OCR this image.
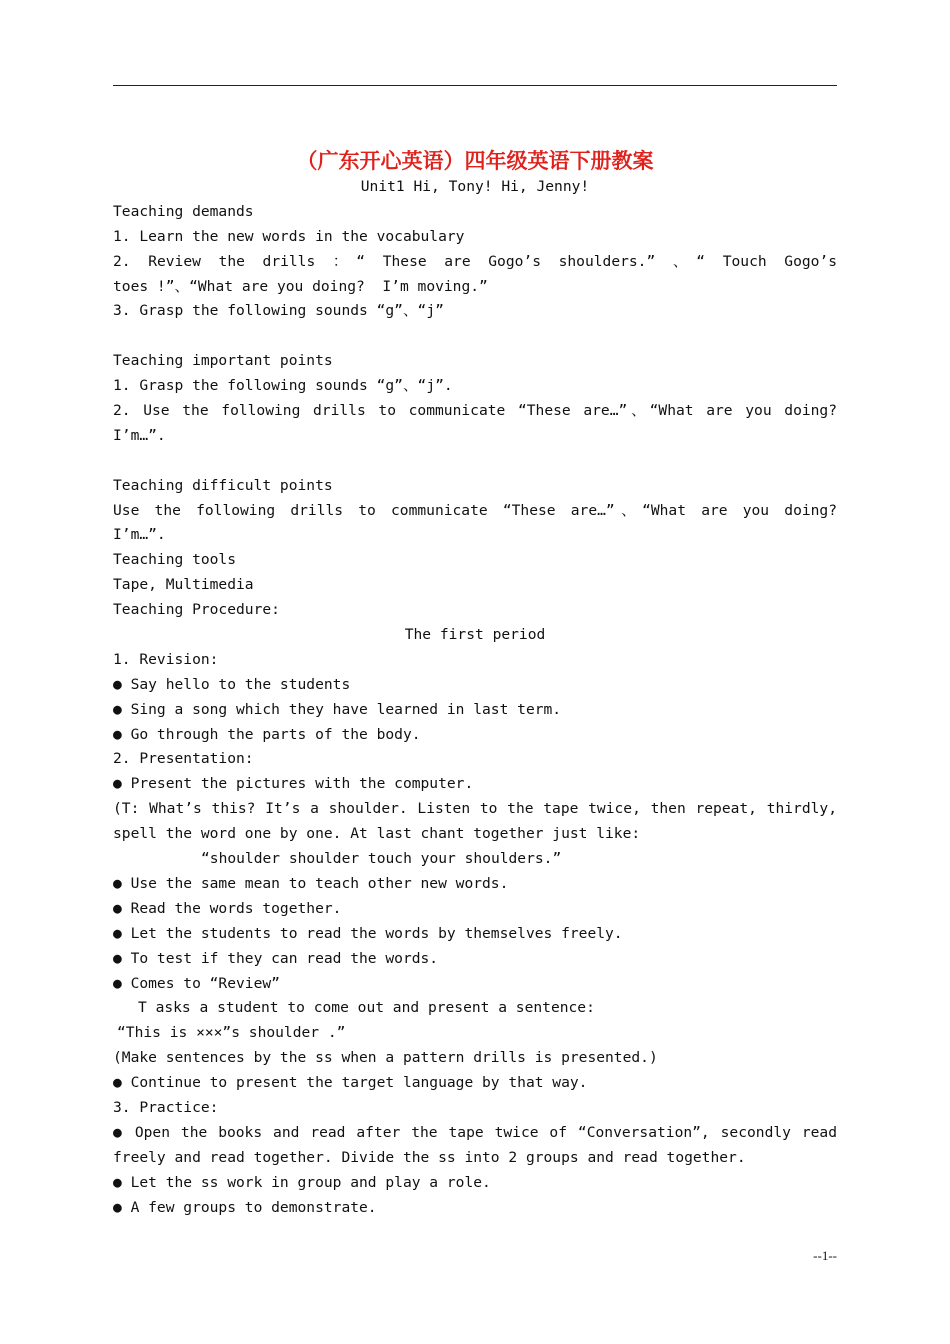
（广东开心英语）四年级英语下册教案
Unit1 Hi, Tony! Hi, Jenny!
Teaching demands
1. Learn the new words in the vocabulary
2. Review the drills ：“ These are Gogo’s shoulders.” 、“ Touch Gogo’s
toes !”、“What are you doing?  I’m moving.”
3. Grasp the following sounds “g”、“j”

Teaching important points
1. Grasp the following sounds “g”、“j”.
2. Use the following drills to communicate “These are…”、“What are you doing?
I’m…”.

Teaching difficult points
Use the following drills to communicate “These are…”、“What are you doing?
I’m…”.
Teaching tools
Tape, Multimedia
Teaching Procedure:
The first period
1. Revision:
● Say hello to the students
● Sing a song which they have learned in last term.
● Go through the parts of the body.
2. Presentation:
● Present the pictures with the computer.
(T: What’s this? It’s a shoulder. Listen to the tape twice, then repeat, thirdly,
spell the word one by one. At last chant together just like:
“shoulder shoulder touch your shoulders.”
● Use the same mean to teach other new words.
● Read the words together.
● Let the students to read the words by themselves freely.
● To test if they can read the words.
● Comes to “Review”
T asks a student to come out and present a sentence:
“This is ×××”s shoulder .”
(Make sentences by the ss when a pattern drills is presented.)
● Continue to present the target language by that way.
3. Practice:
● Open the books and read after the tape twice of “Conversation”, secondly read
freely and read together. Divide the ss into 2 groups and read together.
● Let the ss work in group and play a role.
● A few groups to demonstrate.
--1--
